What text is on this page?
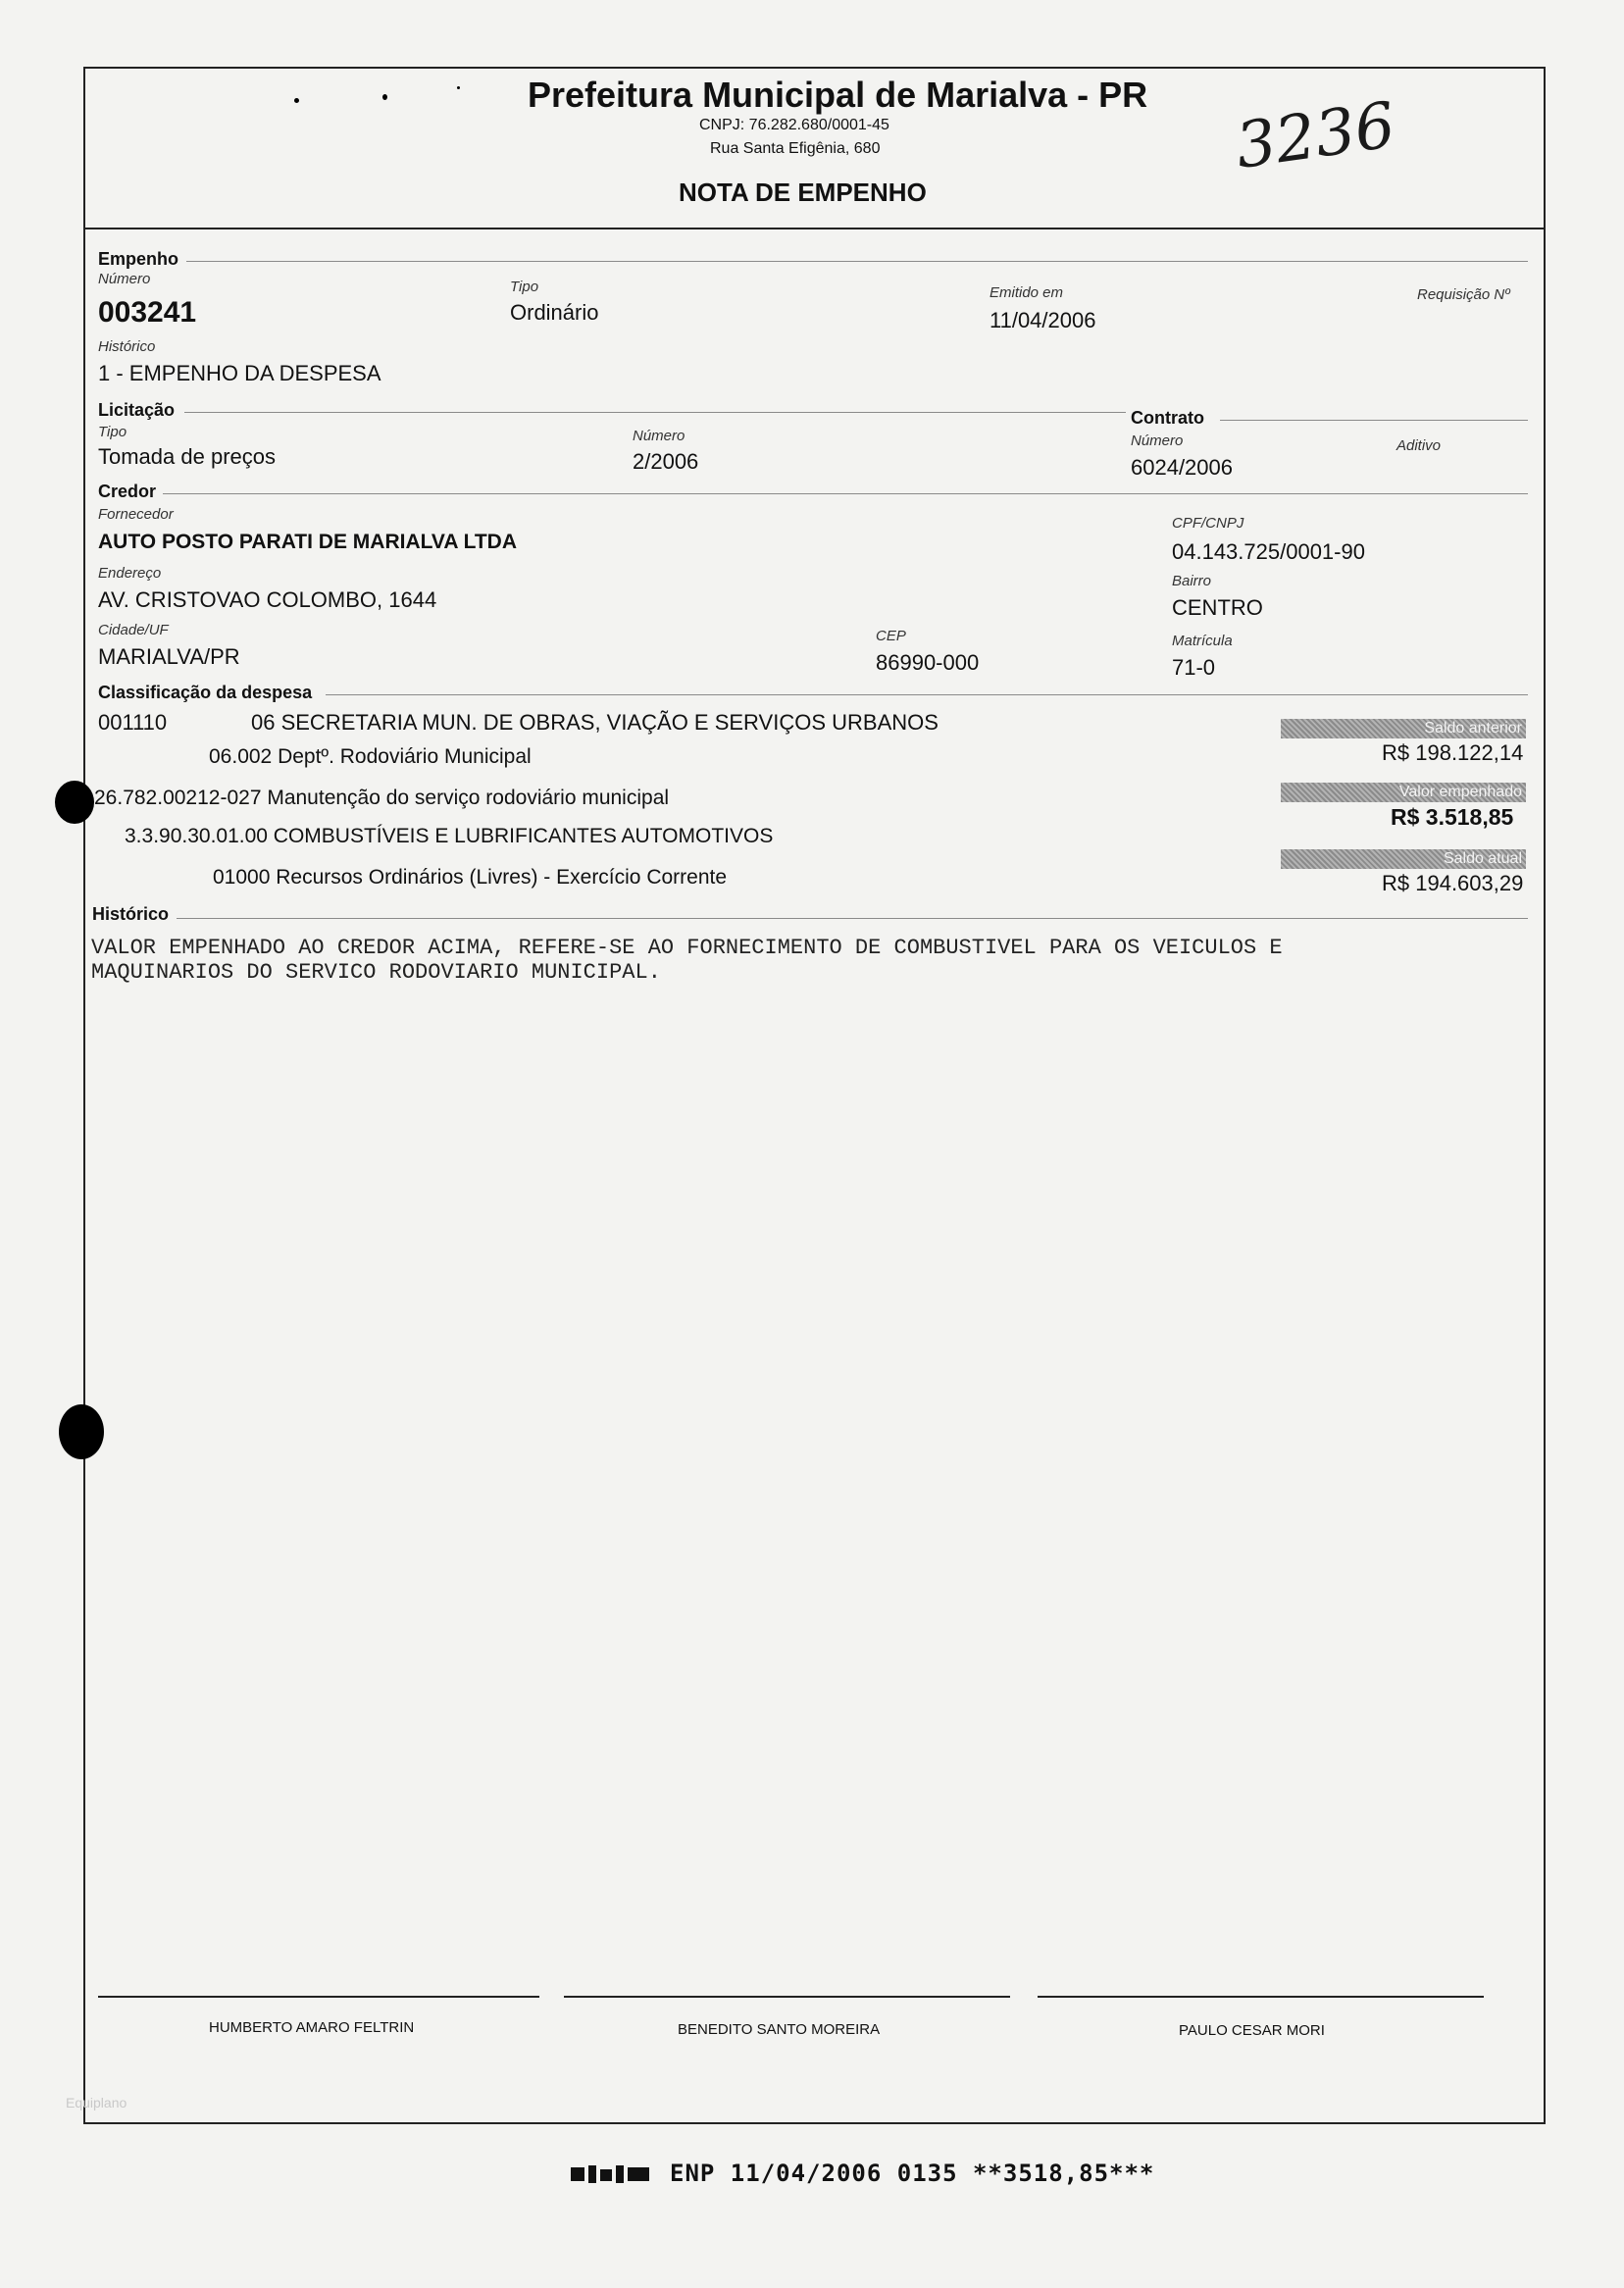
Prefeitura Municipal de Marialva - PR
CNPJ: 76.282.680/0001-45
Rua Santa Efigênia, 680
NOTA DE EMPENHO
3236
Empenho
Número
003241
Tipo
Ordinário
Emitido em
11/04/2006
Requisição Nº
Histórico
1 - EMPENHO DA DESPESA
Licitação	Contrato
Tipo
Tomada de preços
Número
2/2006
Número
6024/2006
Aditivo
Credor
Fornecedor
AUTO POSTO PARATI DE MARIALVA LTDA
CPF/CNPJ
04.143.725/0001-90
Endereço
AV. CRISTOVAO COLOMBO, 1644
Bairro
CENTRO
Cidade/UF
MARIALVA/PR
CEP
86990-000
Matrícula
71-0
Classificação da despesa
001110	06 SECRETARIA MUN. DE OBRAS, VIAÇÃO E SERVIÇOS URBANOS
06.002 Deptº. Rodoviário Municipal
26.782.00212-027 Manutenção do serviço rodoviário municipal
3.3.90.30.01.00 COMBUSTÍVEIS E LUBRIFICANTES AUTOMOTIVOS
01000 Recursos Ordinários (Livres) - Exercício Corrente
Saldo anterior
R$ 198.122,14
Valor empenhado
R$ 3.518,85
Saldo atual
R$ 194.603,29
Histórico
VALOR EMPENHADO AO CREDOR ACIMA, REFERE-SE AO FORNECIMENTO DE COMBUSTIVEL PARA OS VEICULOS E
MAQUINARIOS DO SERVICO RODOVIARIO MUNICIPAL.
HUMBERTO AMARO FELTRIN	BENEDITO SANTO MOREIRA	PAULO CESAR MORI
Equiplano
ENP 11/04/2006 0135 **3518,85***
